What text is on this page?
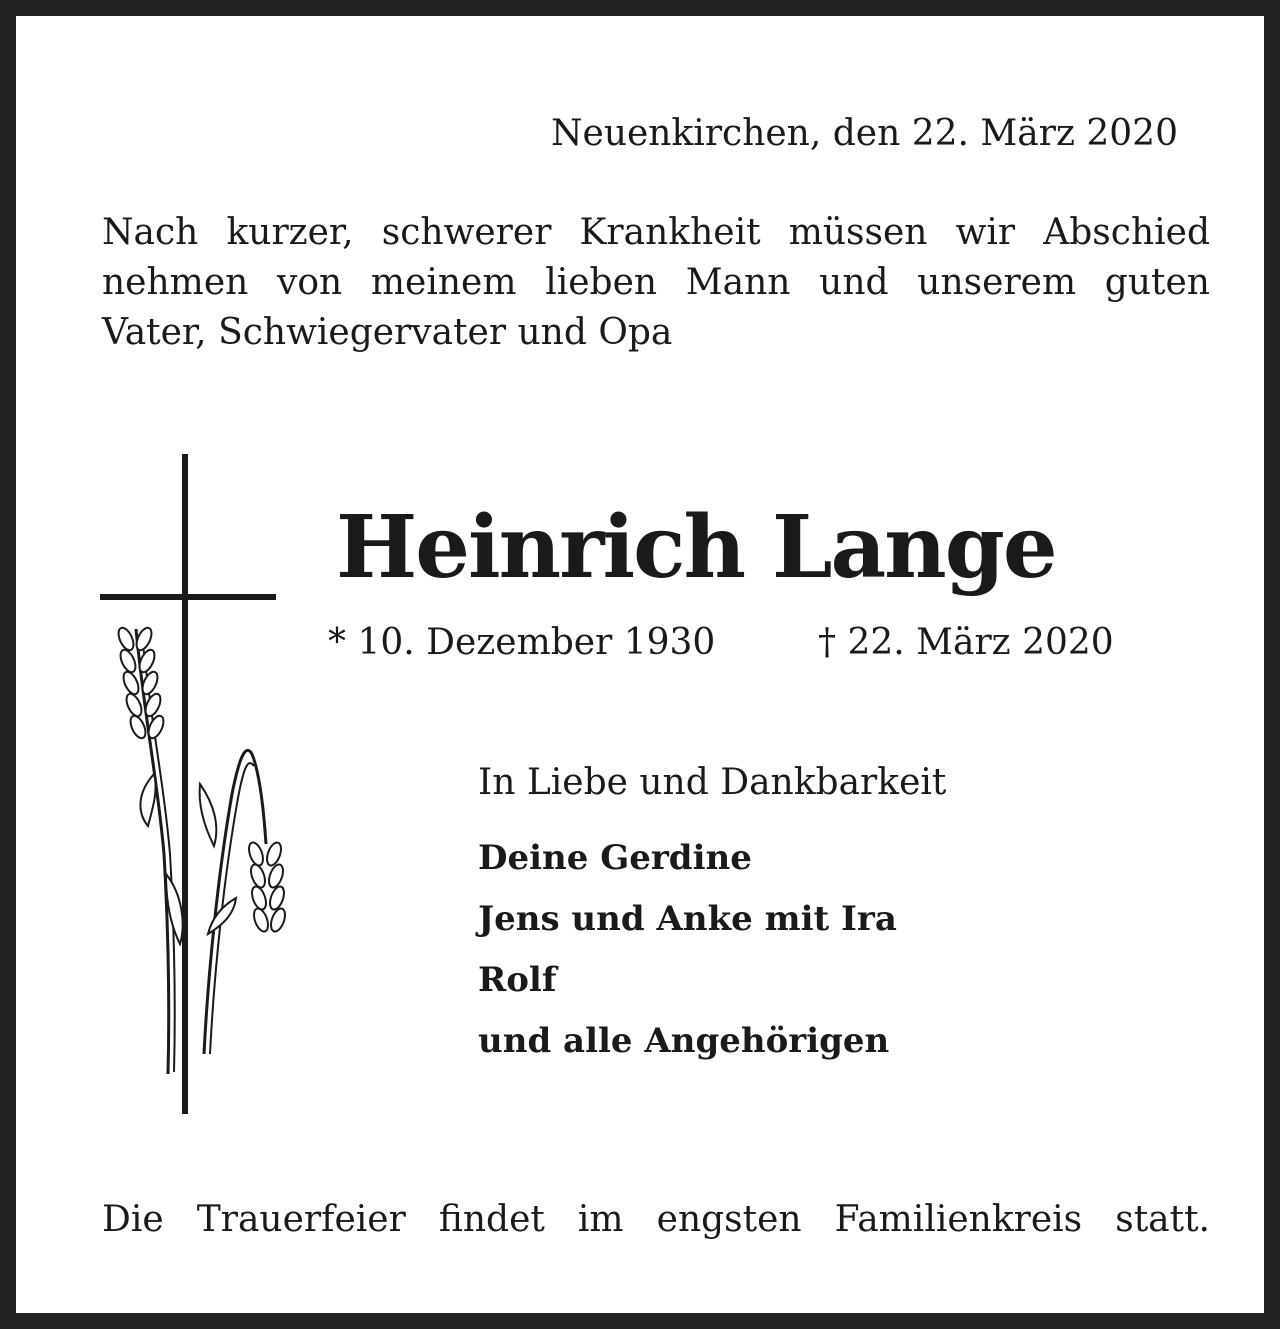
Neuenkirchen, den 22. März 2020
Nach kurzer, schwerer Krankheit müssen wir Abschied
nehmen von meinem lieben Mann und unserem guten
Vater, Schwiegervater und Opa
Heinrich Lange
* 10. Dezember 1930	† 22. März 2020
In Liebe und Dankbarkeit
Deine Gerdine
Jens und Anke mit Ira
Rolf
und alle Angehörigen
Die Trauerfeier findet im engsten Familienkreis statt.
